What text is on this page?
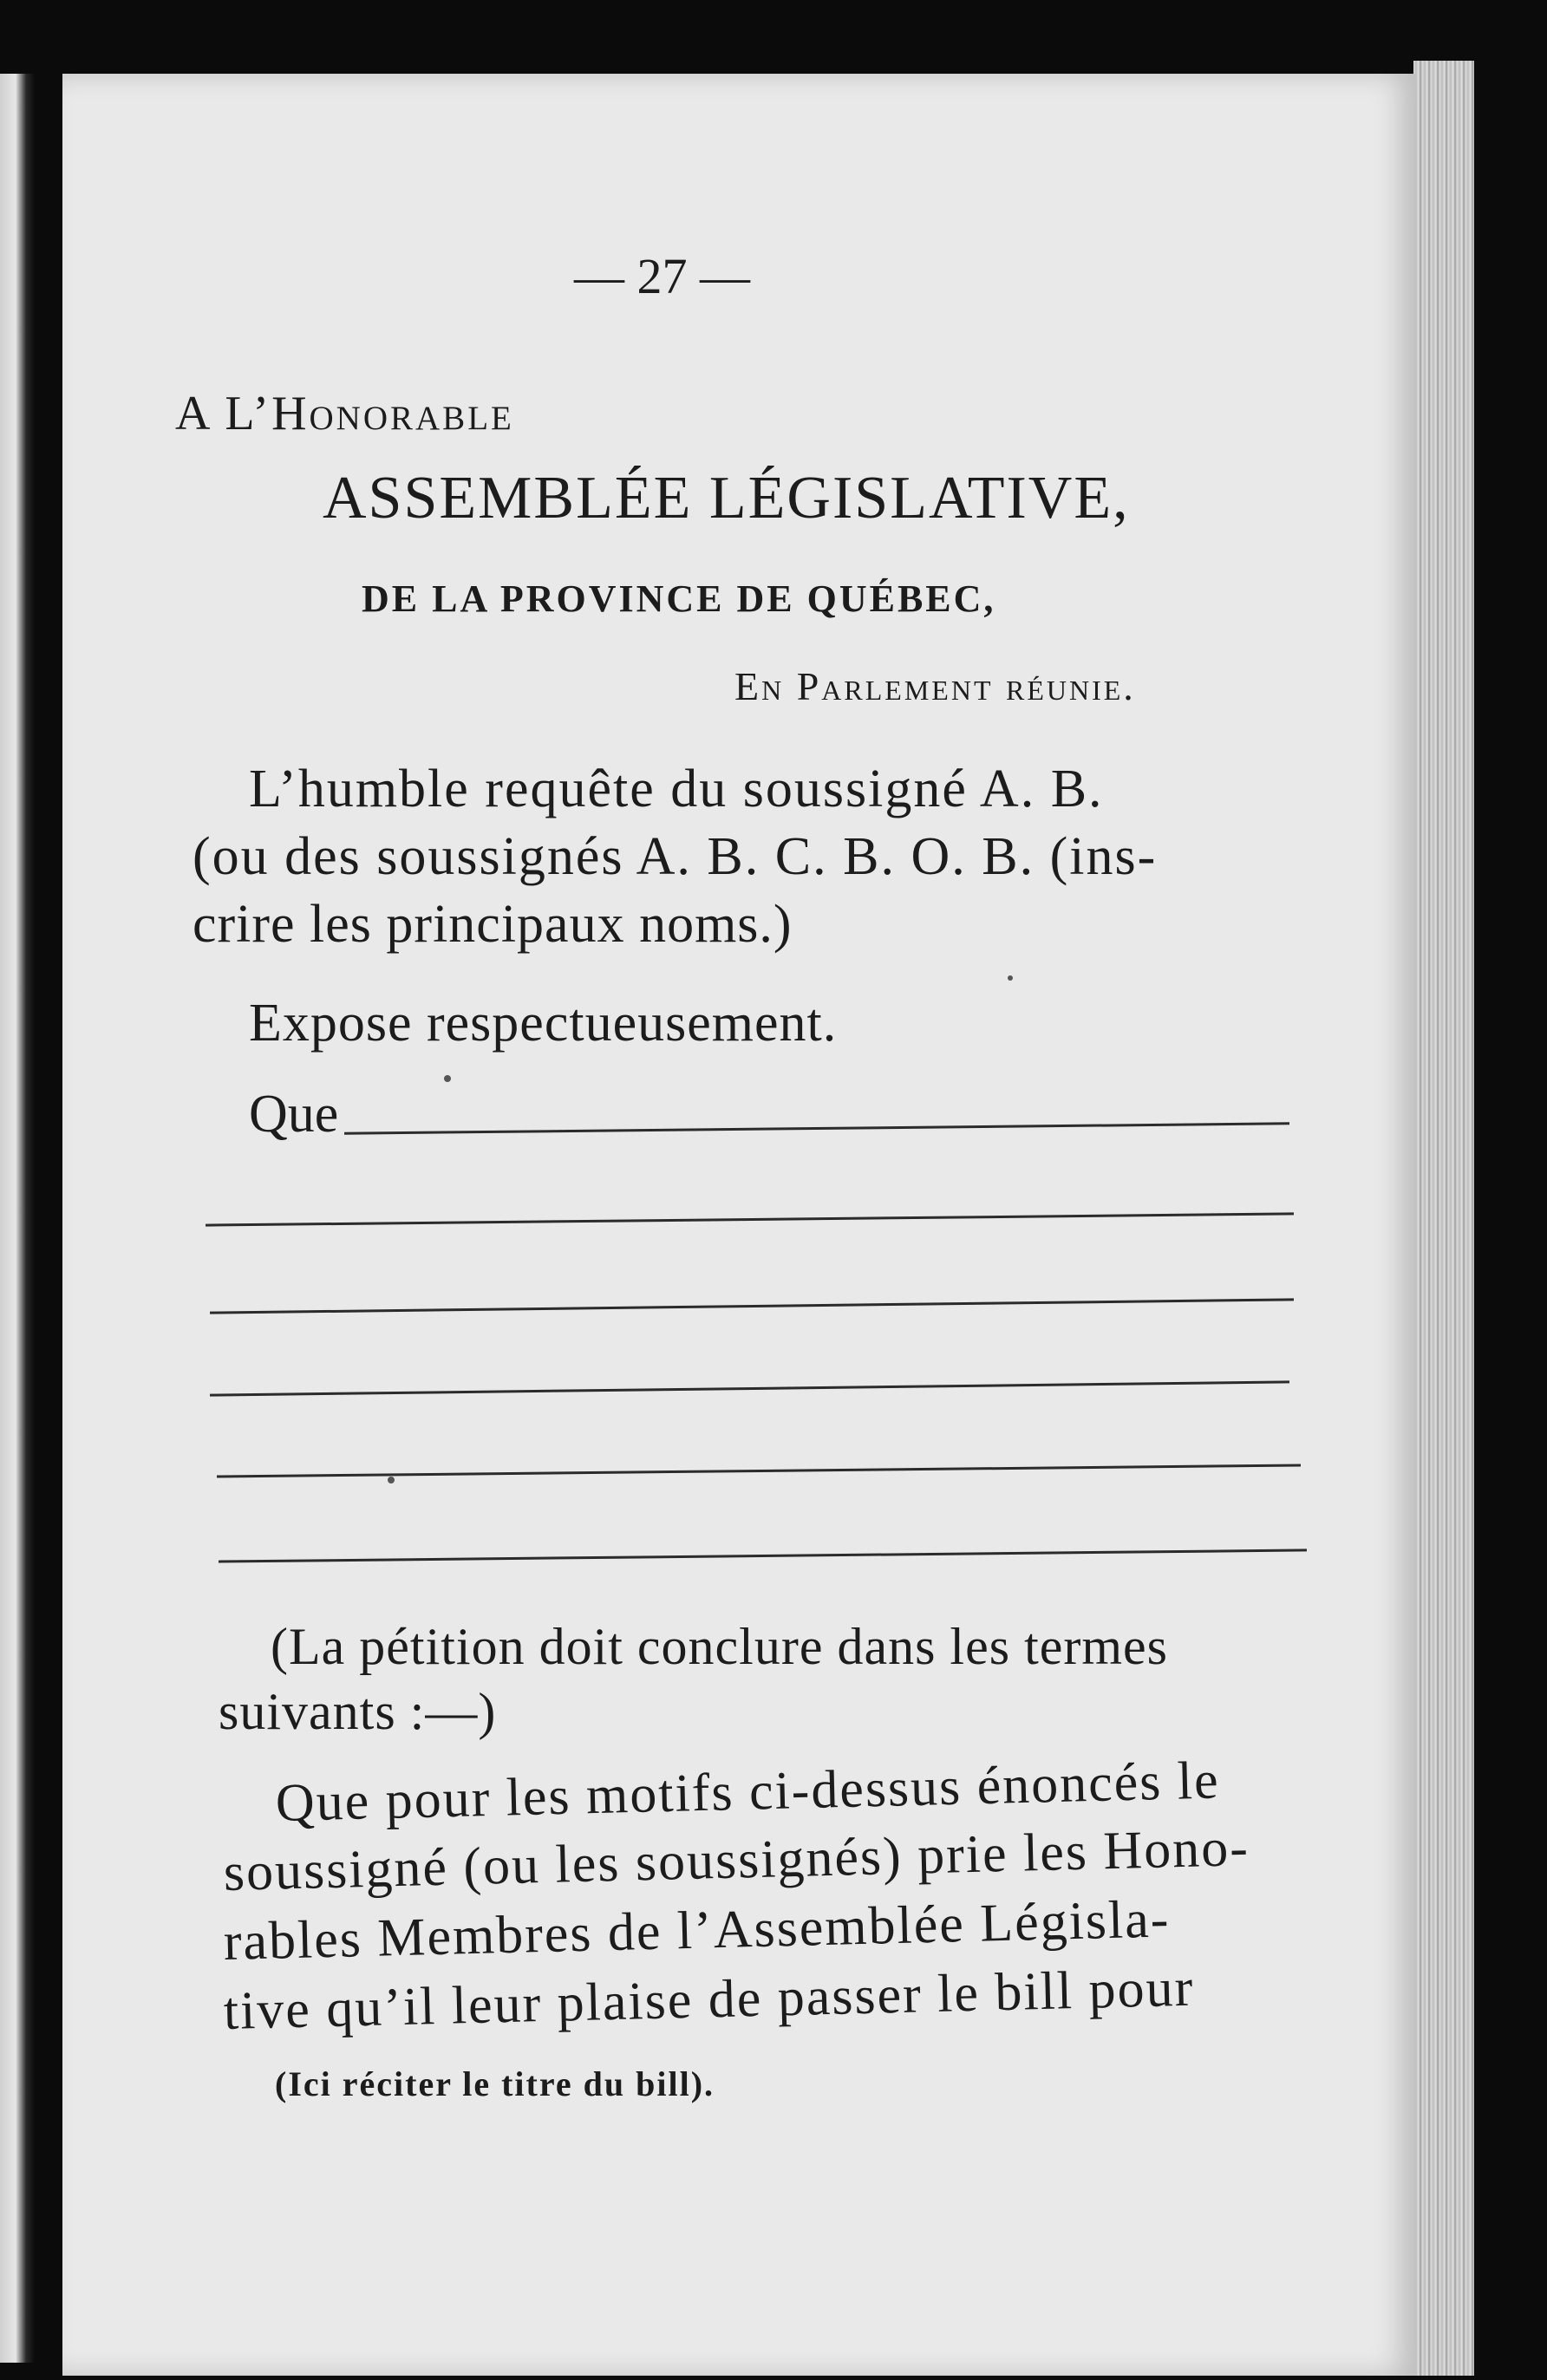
— 27 —
A L’Honorable
ASSEMBLÉE LÉGISLATIVE,
DE LA PROVINCE DE QUÉBEC,
En Parlement réunie.
L’humble requête du soussigné A. B.
(ou des soussignés A. B. C. B. O. B. (ins-
crire les principaux noms.)
Expose respectueusement.
Que
(La pétition doit conclure dans les termes
suivants :—)
Que pour les motifs ci-dessus énoncés le
soussigné (ou les soussignés) prie les Hono-
rables Membres de l’Assemblée Législa-
tive qu’il leur plaise de passer le bill pour
(Ici réciter le titre du bill).
